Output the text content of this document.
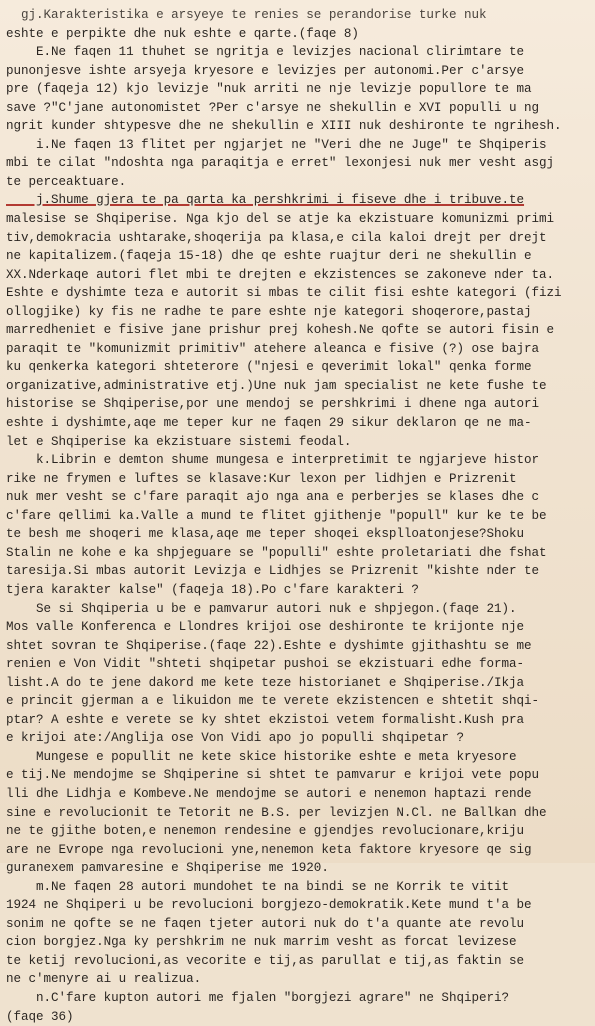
gj.Karakteristika e arsyeye te renies se perandorise turke nuk
eshte e perpikte dhe nuk eshte e qarte.(faqe 8)
E.Ne faqen 11 thuhet se ngritja e levizjes nacional clirimtare te
punonjesve ishte arsyeja kryesore e levizjes per autonomi.Per c'arsye
pre (faqeja 12) kjo levizje "nuk arriti ne nje levizje popullore te ma
save ?"C'jane autonomistet ?Per c'arsye ne shekullin e XVI populli u ng
ngrit kunder shtypesve dhe ne shekullin e XIII nuk deshironte te ngrihesh.
i.Ne faqen 13 flitet per ngjarjet ne "Veri dhe ne Juge" te Shqiperis
mbi te cilat "ndoshta nga paraqitja e erret" lexonjesi nuk mer vesht asgj
te perceaktuare.
j.Shume gjera te pa qarta ka pershkrimi i fiseve dhe i tribuve.te
malesise se Shqiperise. Nga kjo del se atje ka ekzistuare komunizmi primi
tiv,demokracia ushtarake,shoqerija pa klasa,e cila kaloi drejt per drejt
ne kapitalizem.(faqeja 15-18) dhe qe eshte ruajtur deri ne shekullin e
XX.Nderkaqe autori flet mbi te drejten e ekzistences se zakoneve nder ta.
Eshte e dyshimte teza e autorit si mbas te cilit fisi eshte kategori (fizi
ollogjike) ky fis ne radhe te pare eshte nje kategori shoqerore,pastaj
marredheniet e fisive jane prishur prej kohesh.Ne qofte se autori fisin e
paraqit te "komunizmit primitiv" atehere aleanca e fisive (?) ose bajra
ku qenkerka kategori shteterore ("njesi e qeverimit lokal" qenka forme
organizative,administrative etj.)Une nuk jam specialist ne kete fushe te
historise se Shqiperise,por une mendoj se pershkrimi i dhene nga autori
eshte i dyshimte,aqe me teper kur ne faqen 29 sikur deklaron qe ne ma-
let e Shqiperise ka ekzistuare sistemi feodal.
k.Librin e demton shume mungesa e interpretimit te ngjarjeve histor
rike ne frymen e luftes se klasave:Kur lexon per lidhjen e Prizrenit
nuk mer vesht se c'fare paraqit ajo nga ana e perberjes se klases dhe c
c'fare qellimi ka.Valle a mund te flitet gjithenje "popull" kur ke te be
te besh me shoqeri me klasa,aqe me teper shoqei eksplloatonjese?Shoku
Stalin ne kohe e ka shpjeguare se "populli" eshte proletariati dhe fshat
taresija.Si mbas autorit Levizja e Lidhjes se Prizrenit "kishte nder te
tjera karakter kalse" (faqeja 18).Po c'fare karakteri ?
Se si Shqiperia u be e pamvarur autori nuk e shpjegon.(faqe 21).
Mos valle Konferenca e Llondres krijoi ose deshironte te krijonte nje
shtet sovran te Shqiperise.(faqe 22).Eshte e dyshimte gjithashtu se me
renien e Von Vidit "shteti shqipetar pushoi se ekzistuari edhe forma-
lisht.A do te jene dakord me kete teze historianet e Shqiperise./Ikja
e princit gjerman a e likuidon me te verete ekzistencen e shtetit shqi-
ptar? A eshte e verete se ky shtet ekzistoi vetem formalisht.Kush pra
e krijoi ate:/Anglija ose Von Vidi apo jo populli shqipetar ?
Mungese e popullit ne kete skice historike eshte e meta kryesore
e tij.Ne mendojme se Shqiperine si shtet te pamvarur e krijoi vete popu
lli dhe Lidhja e Kombeve.Ne mendojme se autori e nenemon haptazi rende
sine e revolucionit te Tetorit ne B.S. per levizjen N.Cl. ne Ballkan dhe
ne te gjithe boten,e nenemon rendesine e gjendjes revolucionare,kriju
are ne Evrope nga revolucioni yne,nenemon keta faktore kryesore qe sig
guranexem pamvaresine e Shqiperise me 1920.
m.Ne faqen 28 autori mundohet te na bindi se ne Korrik te vitit
1924 ne Shqiperi u be revolucioni borgjezo-demokratik.Kete mund t'a be
sonim ne qofte se ne faqen tjeter autori nuk do t'a quante ate revolu
cion borgjez.Nga ky pershkrim ne nuk marrim vesht as forcat levizese
te ketij revolucioni,as vecorite e tij,as parullat e tij,as faktin se
ne c'menyre ai u realizua.
n.C'fare kupton autori me fjalen "borgjezi agrare" ne Shqiperi?
(faqe 36)
